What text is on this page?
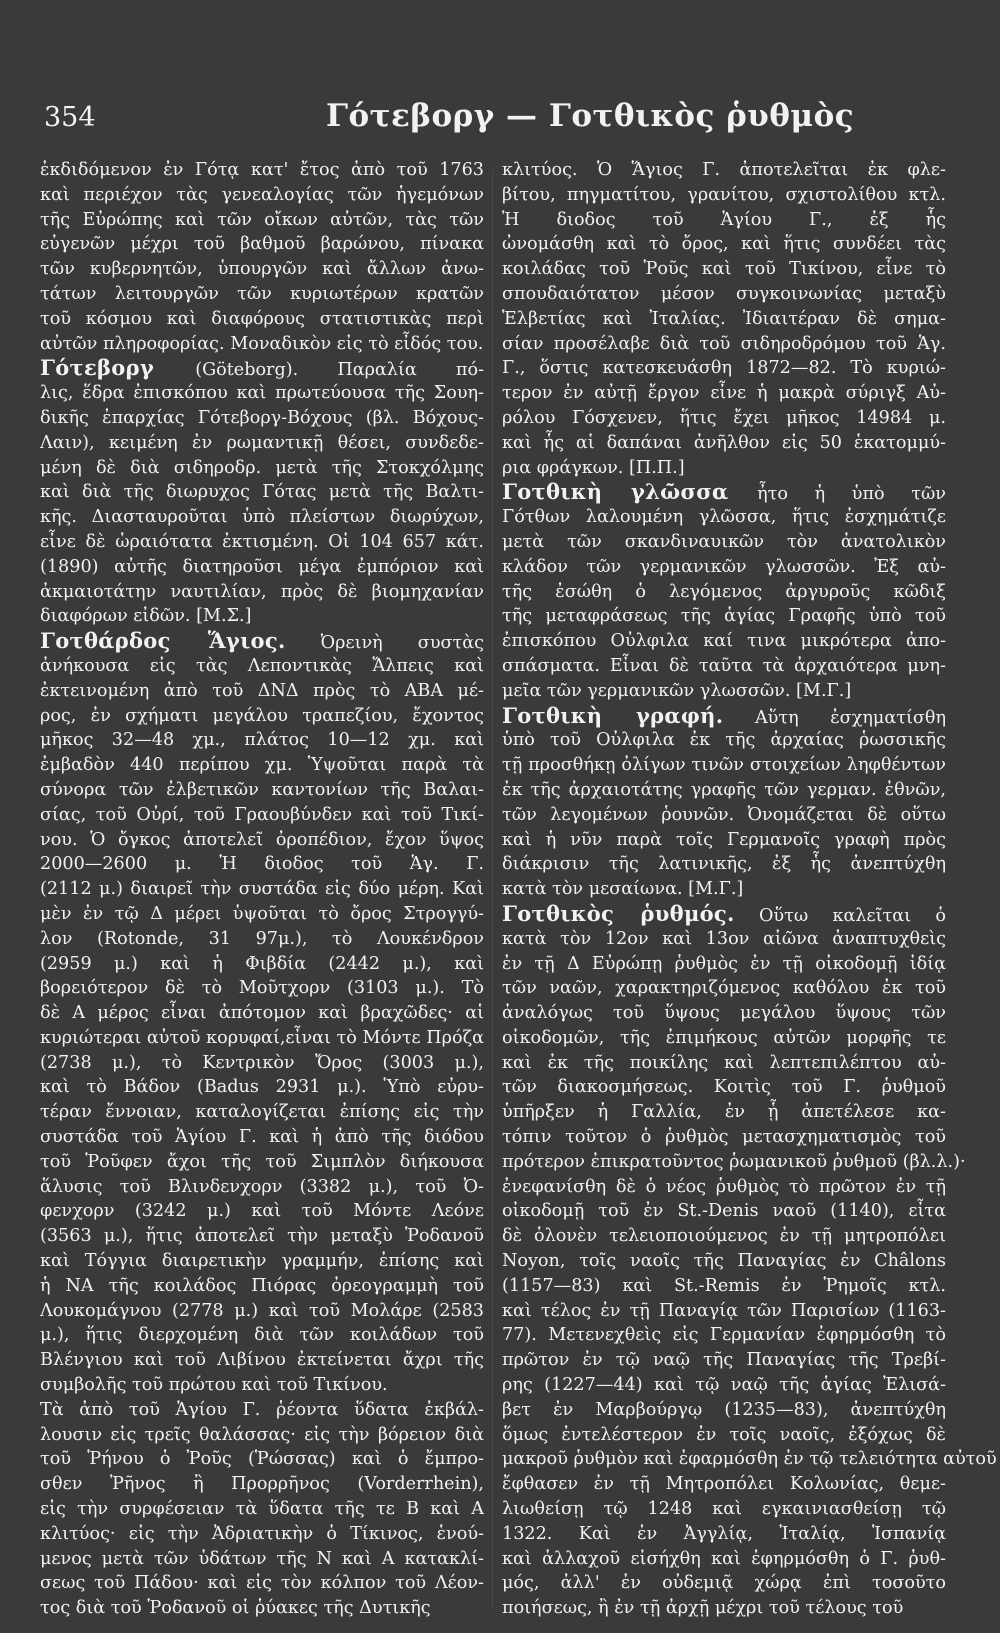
354	Γότεβοργ — Γοτθικὸς ῥυθμὸς
ἐκδιδόμενον ἐν Γότᾳ κατ' ἔτος ἀπὸ τοῦ 1763
καὶ περιέχον τὰς γενεαλογίας τῶν ἡγεμόνων
τῆς Εὐρώπης καὶ τῶν οἴκων αὐτῶν, τὰς τῶν
εὐγενῶν μέχρι τοῦ βαθμοῦ βαρώνου, πίνακα
τῶν κυβερνητῶν, ὑπουργῶν καὶ ἄλλων ἀνω-
τάτων λειτουργῶν τῶν κυριωτέρων κρατῶν
τοῦ κόσμου καὶ διαφόρους στατιστικὰς περὶ
αὐτῶν πληροφορίας. Μοναδικὸν εἰς τὸ εἶδός του.
Γότεβοργ (Göteborg). Παραλία πό-
λις, ἕδρα ἐπισκόπου καὶ πρωτεύουσα τῆς Σουη-
δικῆς ἐπαρχίας Γότεβοργ-Βόχους (βλ. Βόχους-
Λαιν), κειμένη ἐν ρωμαντικῇ θέσει, συνδεδε-
μένη δὲ διὰ σιδηροδρ. μετὰ τῆς Στοκχόλμης
καὶ διὰ τῆς διωρυχος Γότας μετὰ τῆς Βαλτι-
κῆς. Διασταυροῦται ὑπὸ πλείστων διωρύχων,
εἶνε δὲ ὡραιότατα ἐκτισμένη. Οἱ 104 657 κάτ.
(1890) αὐτῆς διατηροῦσι μέγα ἐμπόριον καὶ
ἀκμαιοτάτην ναυτιλίαν, πρὸς δὲ βιομηχανίαν
διαφόρων εἰδῶν. [Μ.Σ.]
Γοτθάρδος Ἅγιος. Ὀρεινὴ συστὰς
ἀνήκουσα εἰς τὰς Λεποντικὰς Ἄλπεις καὶ
ἐκτεινομένη ἀπὸ τοῦ ΔΝΔ πρὸς τὸ ΑΒΑ μέ-
ρος, ἐν σχήματι μεγάλου τραπεζίου, ἔχοντος
μῆκος 32—48 χμ., πλάτος 10—12 χμ. καὶ
ἐμβαδὸν 440 περίπου χμ. Ὑψοῦται παρὰ τὰ
σύνορα τῶν ἐλβετικῶν καντονίων τῆς Βαλαι-
σίας, τοῦ Οὐρί, τοῦ Γραουβύνδεν καὶ τοῦ Τικί-
νου. Ὁ ὄγκος ἀποτελεῖ ὀροπέδιον, ἔχον ὕψος
2000—2600 μ. Ἡ διοδος τοῦ Ἁγ. Γ.
(2112 μ.) διαιρεῖ τὴν συστάδα εἰς δύο μέρη. Καὶ
μὲν ἐν τῷ Δ μέρει ὑψοῦται τὸ ὄρος Στρογγύ-
λον (Rotonde, 31 97μ.), τὸ Λουκένδρον
(2959 μ.) καὶ ἡ Φιβδία (2442 μ.), καὶ
βορειότερον δὲ τὸ Μοῦτχορν (3103 μ.). Τὸ
δὲ Α μέρος εἶναι ἀπότομον καὶ βραχῶδες· αἱ
κυριώτεραι αὐτοῦ κορυφαί,εἶναι τὸ Μόντε Πρόζα
(2738 μ.), τὸ Κεντρικὸν Ὄρος (3003 μ.),
καὶ τὸ Βάδον (Badus 2931 μ.). Ὑπὸ εὐρυ-
τέραν ἔννοιαν, καταλογίζεται ἐπίσης εἰς τὴν
συστάδα τοῦ Ἁγίου Γ. καὶ ἡ ἀπὸ τῆς διόδου
τοῦ Ῥοῦφεν ἄχοι τῆς τοῦ Σιμπλὸν διήκουσα
ἅλυσις τοῦ Βλινδενχορν (3382 μ.), τοῦ Ὀ-
φενχορν (3242 μ.) καὶ τοῦ Μόντε Λεόνε
(3563 μ.), ἥτις ἀποτελεῖ τὴν μεταξὺ Ῥοδανοῦ
καὶ Τόγγια διαιρετικὴν γραμμήν, ἐπίσης καὶ
ἡ ΝΑ τῆς κοιλάδος Πιόρας ὀρεογραμμὴ τοῦ
Λουκομάγνου (2778 μ.) καὶ τοῦ Μολάρε (2583
μ.), ἥτις διερχομένη διὰ τῶν κοιλάδων τοῦ
Βλένγιου καὶ τοῦ Λιβίνου ἐκτείνεται ἄχρι τῆς
συμβολῆς τοῦ πρώτου καὶ τοῦ Τικίνου.
Τὰ ἀπὸ τοῦ Ἁγίου Γ. ῥέοντα ὕδατα ἐκβάλ-
λουσιν εἰς τρεῖς θαλάσσας· εἰς τὴν βόρειον διὰ
τοῦ Ῥήνου ὁ Ῥοῦς (Ῥώσσας) καὶ ὁ ἔμπρο-
σθεν Ῥῆνος ἢ Προρρῆνος (Vorderrhein),
εἰς τὴν συρφέσειαν τὰ ὕδατα τῆς τε Β καὶ Α
κλιτύος· εἰς τὴν Ἀδριατικὴν ὁ Τίκινος, ἑνού-
μενος μετὰ τῶν ὑδάτων τῆς Ν καὶ Α κατακλί-
σεως τοῦ Πάδου· καὶ εἰς τὸν κόλπον τοῦ Λέον-
τος διὰ τοῦ Ῥοδανοῦ οἱ ῥύακες τῆς Δυτικῆς
κλιτύος. Ὁ Ἅγιος Γ. ἀποτελεῖται ἐκ φλε-
βίτου, πηγματίτου, γρανίτου, σχιστολίθου κτλ.
Ἡ διοδος τοῦ Ἁγίου Γ., ἐξ ἧς
ὠνομάσθη καὶ τὸ ὄρος, καὶ ἥτις συνδέει τὰς
κοιλάδας τοῦ Ῥοῦς καὶ τοῦ Τικίνου, εἶνε τὸ
σπουδαιότατον μέσον συγκοινωνίας μεταξὺ
Ἑλβετίας καὶ Ἰταλίας. Ἰδιαιτέραν δὲ σημα-
σίαν προσέλαβε διὰ τοῦ σιδηροδρόμου τοῦ Ἁγ.
Γ., ὅστις κατεσκευάσθη 1872—82. Τὸ κυριώ-
τερον ἐν αὐτῇ ἔργον εἶνε ἡ μακρὰ σύριγξ Αὐ-
ρόλου Γόσχενεν, ἥτις ἔχει μῆκος 14984 μ.
καὶ ἧς αἱ δαπάναι ἀνῆλθον εἰς 50 ἑκατομμύ-
ρια φράγκων. [Π.Π.]
Γοτθικὴ γλῶσσα ἦτο ἡ ὑπὸ τῶν
Γότθων λαλουμένη γλῶσσα, ἥτις ἐσχημάτιζε
μετὰ τῶν σκανδιναυικῶν τὸν ἀνατολικὸν
κλάδον τῶν γερμανικῶν γλωσσῶν. Ἐξ αὐ-
τῆς ἐσώθη ὁ λεγόμενος ἀργυροῦς κῶδιξ
τῆς μεταφράσεως τῆς ἁγίας Γραφῆς ὑπὸ τοῦ
ἐπισκόπου Οὐλφιλα καί τινα μικρότερα ἀπο-
σπάσματα. Εἶναι δὲ ταῦτα τὰ ἀρχαιότερα μνη-
μεῖα τῶν γερμανικῶν γλωσσῶν. [Μ.Γ.]
Γοτθικὴ γραφή. Αὕτη ἐσχηματίσθη
ὑπὸ τοῦ Οὐλφιλα ἐκ τῆς ἀρχαίας ῥωσσικῆς
τῇ προσθήκῃ ὀλίγων τινῶν στοιχείων ληφθέντων
ἐκ τῆς ἀρχαιοτάτης γραφῆς τῶν γερμαν. ἐθνῶν,
τῶν λεγομένων ῥουνῶν. Ὀνομάζεται δὲ οὕτω
καὶ ἡ νῦν παρὰ τοῖς Γερμανοῖς γραφὴ πρὸς
διάκρισιν τῆς λατινικῆς, ἐξ ἧς ἀνεπτύχθη
κατὰ τὸν μεσαίωνα. [Μ.Γ.]
Γοτθικὸς ῥυθμός. Οὕτω καλεῖται ὁ
κατὰ τὸν 12ον καὶ 13ον αἰῶνα ἀναπτυχθεὶς
ἐν τῇ Δ Εὐρώπῃ ῥυθμὸς ἐν τῇ οἰκοδομῇ ἰδίᾳ
τῶν ναῶν, χαρακτηριζόμενος καθόλου ἐκ τοῦ
ἀναλόγως τοῦ ὕψους μεγάλου ὕψους τῶν
οἰκοδομῶν, τῆς ἐπιμήκους αὐτῶν μορφῆς τε
καὶ ἐκ τῆς ποικίλης καὶ λεπτεπιλέπτου αὐ-
τῶν διακοσμήσεως. Κοιτὶς τοῦ Γ. ῥυθμοῦ
ὑπῆρξεν ἡ Γαλλία, ἐν ᾗ ἀπετέλεσε κα-
τόπιν τοῦτον ὁ ῥυθμὸς μετασχηματισμὸς τοῦ
πρότερον ἐπικρατοῦντος ῥωμανικοῦ ῥυθμοῦ (βλ.λ.)·
ἐνεφανίσθη δὲ ὁ νέος ῥυθμὸς τὸ πρῶτον ἐν τῇ
οἰκοδομῇ τοῦ ἐν St.-Denis ναοῦ (1140), εἶτα
δὲ ὁλονὲν τελειοποιούμενος ἐν τῇ μητροπόλει
Noyon, τοῖς ναοῖς τῆς Παναγίας ἐν Châlons
(1157—83) καὶ St.-Remis ἐν Ῥημοῖς κτλ.
καὶ τέλος ἐν τῇ Παναγίᾳ τῶν Παρισίων (1163-
77). Μετενεχθεὶς εἰς Γερμανίαν ἐφηρμόσθη τὸ
πρῶτον ἐν τῷ ναῷ τῆς Παναγίας τῆς Τρεβί-
ρης (1227—44) καὶ τῷ ναῷ τῆς ἁγίας Ἐλισά-
βετ ἐν Μαρβούργῳ (1235—83), ἀνεπτύχθη
ὅμως ἐντελέστερον ἐν τοῖς ναοῖς, ἐξόχως δὲ
μακροῦ ῥυθμὸν καὶ ἐφαρμόσθη ἐν τῷ τελειότητα αὐτοῦ
ἔφθασεν ἐν τῇ Μητροπόλει Κολωνίας, θεμε-
λιωθείσῃ τῷ 1248 καὶ εγκαινιασθείσῃ τῷ
1322. Καὶ ἐν Ἀγγλίᾳ, Ἰταλίᾳ, Ἱσπανίᾳ
καὶ ἀλλαχοῦ εἰσήχθη καὶ ἐφηρμόσθη ὁ Γ. ῥυθ-
μός, ἀλλ' ἐν οὐδεμιᾷ χώρᾳ ἐπὶ τοσοῦτο
ποιήσεως, ἢ ἐν τῇ ἀρχῇ μέχρι τοῦ τέλους τοῦ
